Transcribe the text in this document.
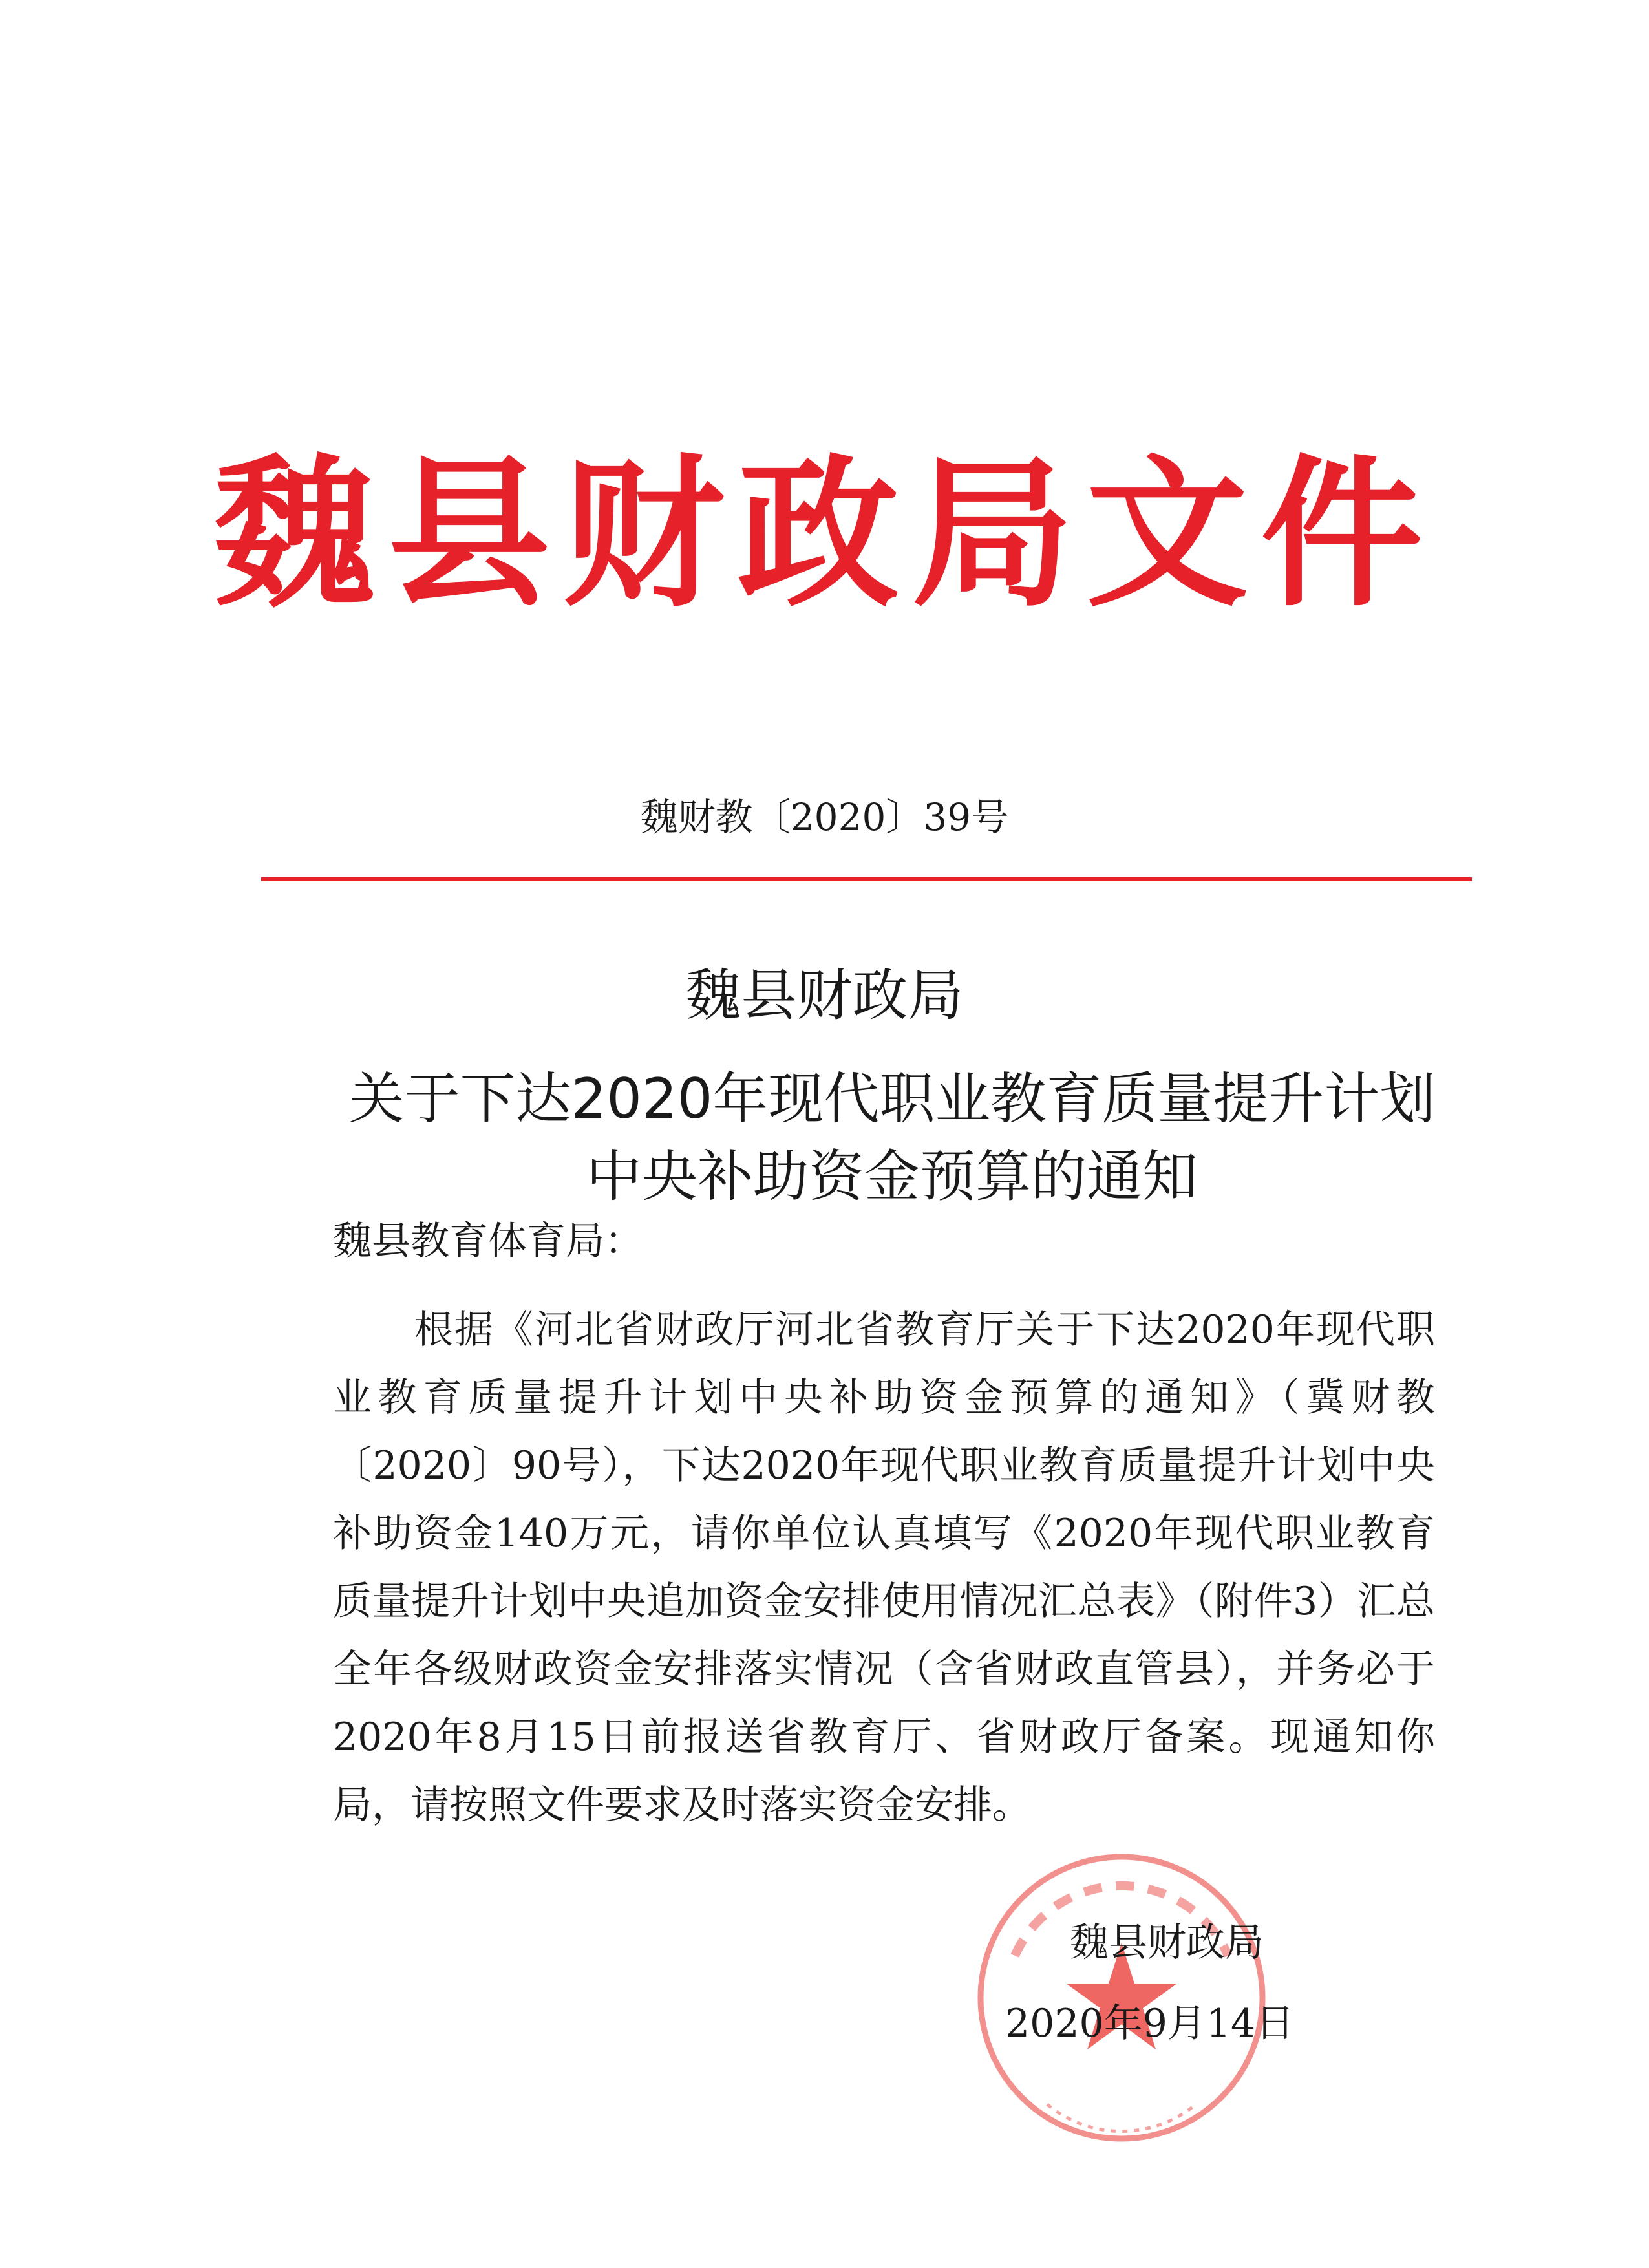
魏县财政局文件
魏财教〔2020〕39号
魏县财政局
关于下达2020年现代职业教育质量提升计划中央补助资金预算的通知
魏县教育体育局：

根据《河北省财政厅河北省教育厅关于下达2020年现代职业教育质量提升计划中央补助资金预算的通知》（冀财教〔2020〕90号），下达2020年现代职业教育质量提升计划中央补助资金140万元，请你单位认真填写《2020年现代职业教育质量提升计划中央追加资金安排使用情况汇总表》（附件3）汇总全年各级财政资金安排落实情况（含省财政直管县），并务必于2020年8月15日前报送省教育厅、省财政厅备案。现通知你局，请按照文件要求及时落实资金安排。

魏县财政局
2020年9月14日
